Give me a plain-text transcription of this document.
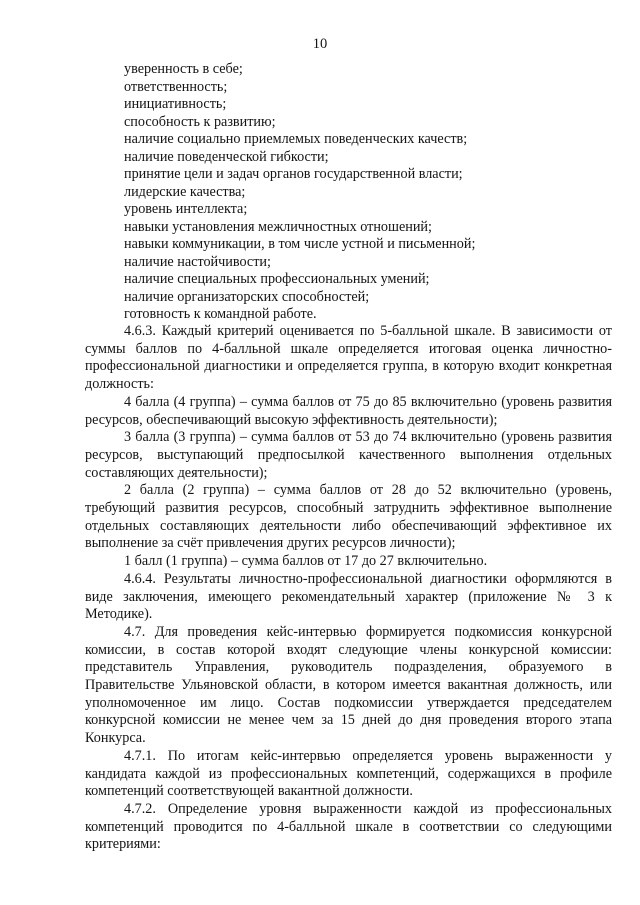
10
уверенность в себе;
ответственность;
инициативность;
способность к развитию;
наличие социально приемлемых поведенческих качеств;
наличие поведенческой гибкости;
принятие цели и задач органов государственной власти;
лидерские качества;
уровень интеллекта;
навыки установления межличностных отношений;
навыки коммуникации, в том числе устной и письменной;
наличие настойчивости;
наличие специальных профессиональных умений;
наличие организаторских способностей;
готовность к командной работе.

4.6.3. Каждый критерий оценивается по 5-балльной шкале. В зависимости от суммы баллов по 4-балльной шкале определяется итоговая оценка личностно-профессиональной диагностики и определяется группа, в которую входит конкретная должность:

4 балла (4 группа) – сумма баллов от 75 до 85 включительно (уровень развития ресурсов, обеспечивающий высокую эффективность деятельности);

3 балла (3 группа) – сумма баллов от 53 до 74 включительно (уровень развития ресурсов, выступающий предпосылкой качественного выполнения отдельных составляющих деятельности);

2 балла (2 группа) – сумма баллов от 28 до 52 включительно (уровень, требующий развития ресурсов, способный затруднить эффективное выполнение отдельных составляющих деятельности либо обеспечивающий эффективное их выполнение за счёт привлечения других ресурсов личности);

1 балл (1 группа) – сумма баллов от 17 до 27 включительно.

4.6.4. Результаты личностно-профессиональной диагностики оформляются в виде заключения, имеющего рекомендательный характер (приложение № 3 к Методике).

4.7. Для проведения кейс-интервью формируется подкомиссия конкурсной комиссии, в состав которой входят следующие члены конкурсной комиссии: представитель Управления, руководитель подразделения, образуемого в Правительстве Ульяновской области, в котором имеется вакантная должность, или уполномоченное им лицо. Состав подкомиссии утверждается председателем конкурсной комиссии не менее чем за 15 дней до дня проведения второго этапа Конкурса.

4.7.1. По итогам кейс-интервью определяется уровень выраженности у кандидата каждой из профессиональных компетенций, содержащихся в профиле компетенций соответствующей вакантной должности.

4.7.2. Определение уровня выраженности каждой из профессиональных компетенций проводится по 4-балльной шкале в соответствии со следующими критериями:
